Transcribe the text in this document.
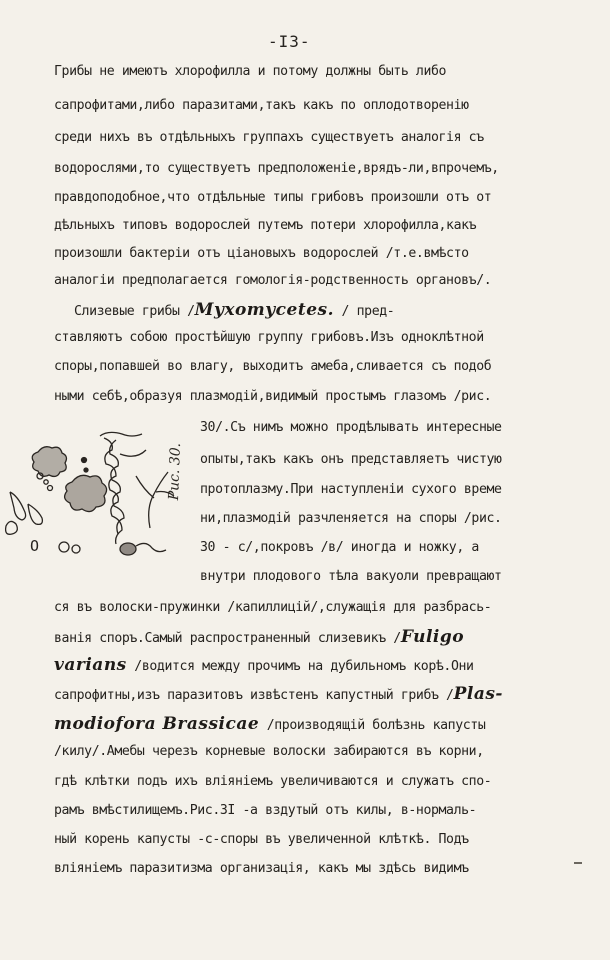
-I3-
Грибы не имеютъ хлорофилла и потому должны быть либо
сапрофитами,либо паразитами,такъ какъ по оплодотворенiю
среди нихъ въ отдѣльныхъ группахъ существуетъ аналогiя съ
водорослями,то существуетъ предположенiе,врядъ-ли,впрочемъ,
правдоподобное,что отдѣльные типы грибовъ произошли отъ от
дѣльныхъ типовъ водорослей путемъ потери хлорофилла,какъ
произошли бактерiи отъ цiановыхъ водорослей /т.е.вмѣсто
аналогiи предполагается гомологiя-родственность органовъ/.
Слизевые грибы /Myxomycetes. / пред-
ставляютъ собою простѣйшую группу грибовъ.Изъ одноклѣтной
споры,попавшей во влагу, выходитъ амеба,сливается съ подоб
ными себѣ,образуя плазмодiй,видимый простымъ глазомъ /рис.
Ο
Рис. 30.
30/.Съ нимъ можно продѣлывать интересные
опыты,такъ какъ онъ представляетъ чистую
протоплазму.При наступленiи сухого време
ни,плазмодiй разчленяется на споры /рис.
30 - с/,покровъ /в/ иногда и ножку, а
внутри плодового тѣла вакуоли превращают
ся въ волоски-пружинки /капиллицiй/,служащiя для разбрась-
ванiя споръ.Самый распространенный слизевикъ /Fuligo
varians /водится между прочимъ на дубильномъ корѣ.Они
сапрофитны,изъ паразитовъ извѣстенъ капустный грибъ /Plas-
modiofora Brassicae /производящiй болѣзнь капусты
/килу/.Амебы черезъ корневые волоски забираются въ корни,
гдѣ клѣтки подъ ихъ влiянiемъ увеличиваются и служатъ спо-
рамъ вмѣстилищемъ.Рис.3I -а вздутый отъ килы, в-нормаль-
ный корень капусты -с-споры въ увеличенной клѣткѣ. Подъ
влiянiемъ паразитизма организацiя, какъ мы здѣсь видимъ
